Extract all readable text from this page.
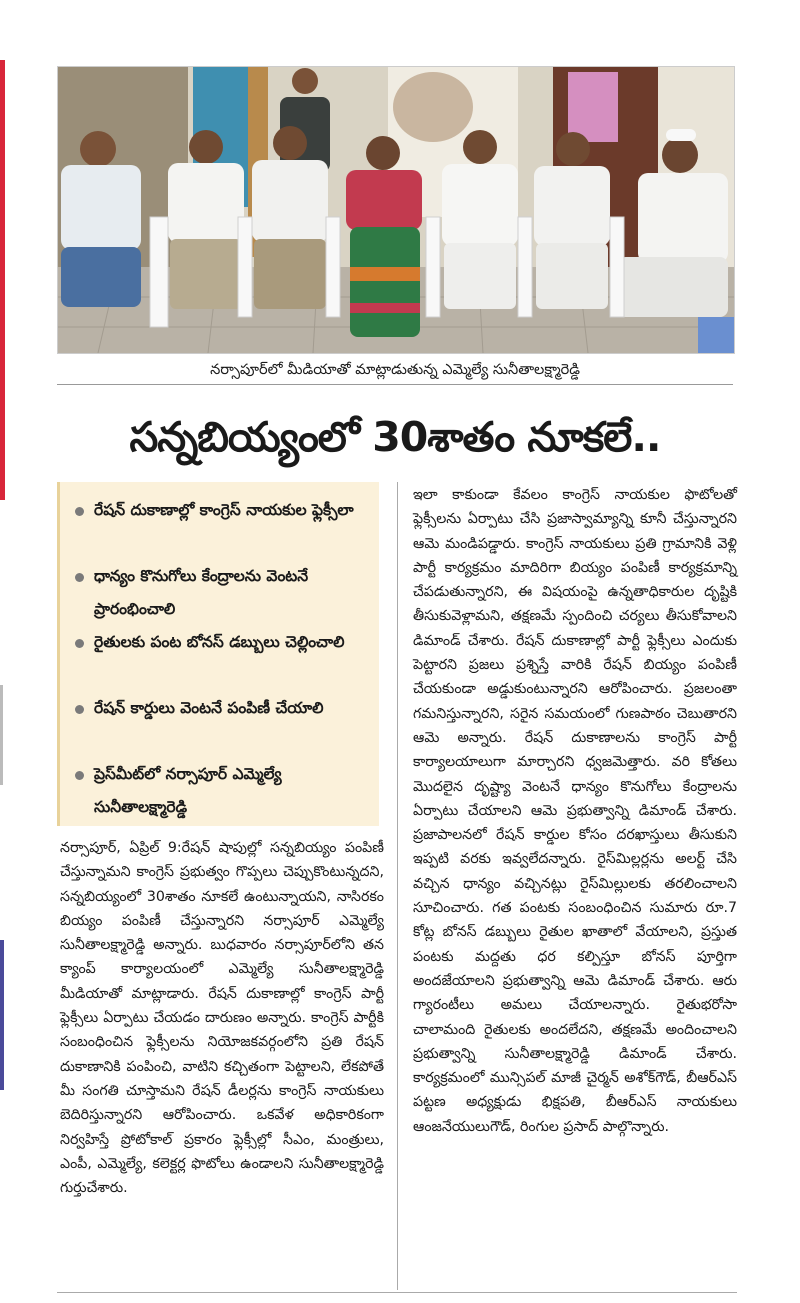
నర్సాపూర్‌లో మీడియాతో మాట్లాడుతున్న ఎమ్మెల్యే సునీతాలక్ష్మారెడ్డి
సన్నబియ్యంలో 30శాతం నూకలే..
రేషన్ దుకాణాల్లో కాంగ్రెస్ నాయకుల ఫ్లెక్సీలా
ధాన్యం కొనుగోలు కేంద్రాలను వెంటనే ప్రారంభించాలి
రైతులకు పంట బోనస్ డబ్బులు చెల్లించాలి
రేషన్ కార్డులు వెంటనే పంపిణీ చేయాలి
ప్రెస్‌మీట్‌లో నర్సాపూర్ ఎమ్మెల్యే సునీతాలక్ష్మారెడ్డి

నర్సాపూర్, ఏప్రిల్ 9:రేషన్ షాపుల్లో సన్నబియ్యం పంపిణీ చేస్తున్నామని కాంగ్రెస్ ప్రభుత్వం గొప్పలు చెప్పుకొంటున్నదని, సన్నబియ్యంలో 30శాతం నూకలే ఉంటున్నాయని, నాసిరకం బియ్యం పంపిణీ చేస్తున్నారని నర్సాపూర్ ఎమ్మెల్యే సునీతాలక్ష్మారెడ్డి అన్నారు. బుధవారం నర్సాపూర్‌లోని తన క్యాంప్ కార్యాలయంలో ఎమ్మెల్యే సునీతాలక్ష్మారెడ్డి మీడియాతో మాట్లాడారు. రేషన్ దుకాణాల్లో కాంగ్రెస్ పార్టీ ఫ్లెక్సీలు ఏర్పాటు చేయడం దారుణం అన్నారు. కాంగ్రెస్ పార్టీకి సంబంధించిన ఫ్లెక్సీలను నియోజకవర్గంలోని ప్రతి రేషన్ దుకాణానికి పంపించి, వాటిని కచ్చితంగా పెట్టాలని, లేకపోతే మీ సంగతి చూస్తామని రేషన్ డీలర్లను కాంగ్రెస్ నాయకులు బెదిరిస్తున్నారని ఆరోపించారు. ఒకవేళ అధికారికంగా నిర్వహిస్తే ప్రోటోకాల్ ప్రకారం ఫ్లెక్సీల్లో సీఎం, మంత్రులు, ఎంపీ, ఎమ్మెల్యే, కలెక్టర్ల ఫొటోలు ఉండాలని సునీతాలక్ష్మారెడ్డి గుర్తుచేశారు.

ఇలా కాకుండా కేవలం కాంగ్రెస్ నాయకుల ఫొటోలతో ఫ్లెక్సీలను ఏర్పాటు చేసి ప్రజాస్వామ్యాన్ని కూనీ చేస్తున్నారని ఆమె మండిపడ్డారు. కాంగ్రెస్ నాయకులు ప్రతి గ్రామానికి వెళ్లి పార్టీ కార్యక్రమం మాదిరిగా బియ్యం పంపిణీ కార్యక్రమాన్ని చేపడుతున్నారని, ఈ విషయంపై ఉన్నతాధికారుల దృష్టికి తీసుకువెళ్లామని, తక్షణమే స్పందించి చర్యలు తీసుకోవాలని డిమాండ్ చేశారు. రేషన్ దుకాణాల్లో పార్టీ ఫ్లెక్సీలు ఎందుకు పెట్టారని ప్రజలు ప్రశ్నిస్తే వారికి రేషన్ బియ్యం పంపిణీ చేయకుండా అడ్డుకుంటున్నారని ఆరోపించారు. ప్రజలంతా గమనిస్తున్నారని, సరైన సమయంలో గుణపాఠం చెబుతారని ఆమె అన్నారు. రేషన్ దుకాణాలను కాంగ్రెస్ పార్టీ కార్యాలయాలుగా మార్చారని ధ్వజమెత్తారు. వరి కోతలు మొదలైన దృష్ట్యా వెంటనే ధాన్యం కొనుగోలు కేంద్రాలను ఏర్పాటు చేయాలని ఆమె ప్రభుత్వాన్ని డిమాండ్ చేశారు. ప్రజాపాలనలో రేషన్ కార్డుల కోసం దరఖాస్తులు తీసుకుని ఇప్పటి వరకు ఇవ్వలేదన్నారు. రైస్‌మిల్లర్లను అలర్ట్ చేసి వచ్చిన ధాన్యం వచ్చినట్లు రైస్‌మిల్లులకు తరలించాలని సూచించారు. గత పంటకు సంబంధించిన సుమారు రూ.7 కోట్ల బోనస్ డబ్బులు రైతుల ఖాతాలో వేయాలని, ప్రస్తుత పంటకు మద్దతు ధర కల్పిస్తూ బోనస్ పూర్తిగా అందజేయాలని ప్రభుత్వాన్ని ఆమె డిమాండ్ చేశారు. ఆరు గ్యారంటీలు అమలు చేయాలన్నారు. రైతుభరోసా చాలామంది రైతులకు అందలేదని, తక్షణమే అందించాలని ప్రభుత్వాన్ని సునీతాలక్ష్మారెడ్డి డిమాండ్ చేశారు. కార్యక్రమంలో మున్సిపల్ మాజీ చైర్మన్ అశోక్‌గౌడ్, బీఆర్‌ఎస్ పట్టణ అధ్యక్షుడు భిక్షపతి, బీఆర్‌ఎస్ నాయకులు ఆంజనేయులుగౌడ్, రింగుల ప్రసాద్ పాల్గొన్నారు.
